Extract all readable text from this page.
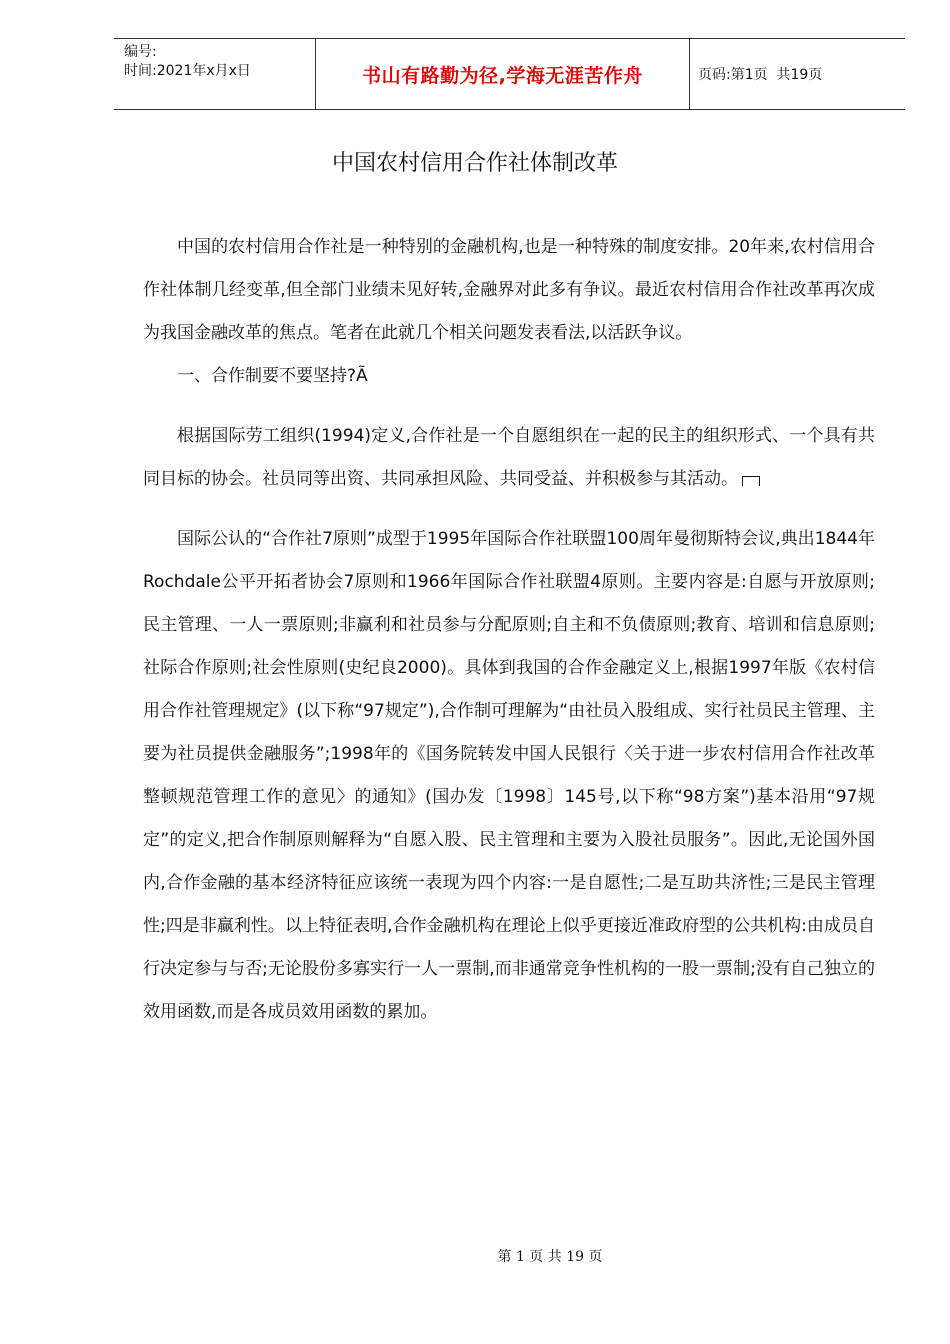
编号:
时间:2021年x月x日	书山有路勤为径,学海无涯苦作舟	页码:第1页  共19页
中国农村信用合作社体制改革

中国的农村信用合作社是一种特别的金融机构,也是一种特殊的制度安排。20年来,农村信用合作社体制几经变革,但全部门业绩未见好转,金融界对此多有争议。最近农村信用合作社改革再次成为我国金融改革的焦点。笔者在此就几个相关问题发表看法,以活跃争议。

一、合作制要不要坚持?Ã

根据国际劳工组织(1994)定义,合作社是一个自愿组织在一起的民主的组织形式、一个具有共同目标的协会。社员同等出资、共同承担风险、共同受益、并积极参与其活动。

国际公认的“合作社7原则”成型于1995年国际合作社联盟100周年曼彻斯特会议,典出1844年Rochdale公平开拓者协会7原则和1966年国际合作社联盟4原则。主要内容是:自愿与开放原则;民主管理、一人一票原则;非赢利和社员参与分配原则;自主和不负债原则;教育、培训和信息原则;社际合作原则;社会性原则(史纪良2000)。具体到我国的合作金融定义上,根据1997年版《农村信用合作社管理规定》(以下称“97规定”),合作制可理解为“由社员入股组成、实行社员民主管理、主要为社员提供金融服务”;1998年的《国务院转发中国人民银行〈关于进一步农村信用合作社改革整顿规范管理工作的意见〉的通知》(国办发〔1998〕145号,以下称“98方案”)基本沿用“97规定”的定义,把合作制原则解释为“自愿入股、民主管理和主要为入股社员服务”。因此,无论国外国内,合作金融的基本经济特征应该统一表现为四个内容:一是自愿性;二是互助共济性;三是民主管理性;四是非赢利性。以上特征表明,合作金融机构在理论上似乎更接近准政府型的公共机构:由成员自行决定参与与否;无论股份多寡实行一人一票制,而非通常竞争性机构的一股一票制;没有自己独立的效用函数,而是各成员效用函数的累加。

第 1 页 共 19 页
